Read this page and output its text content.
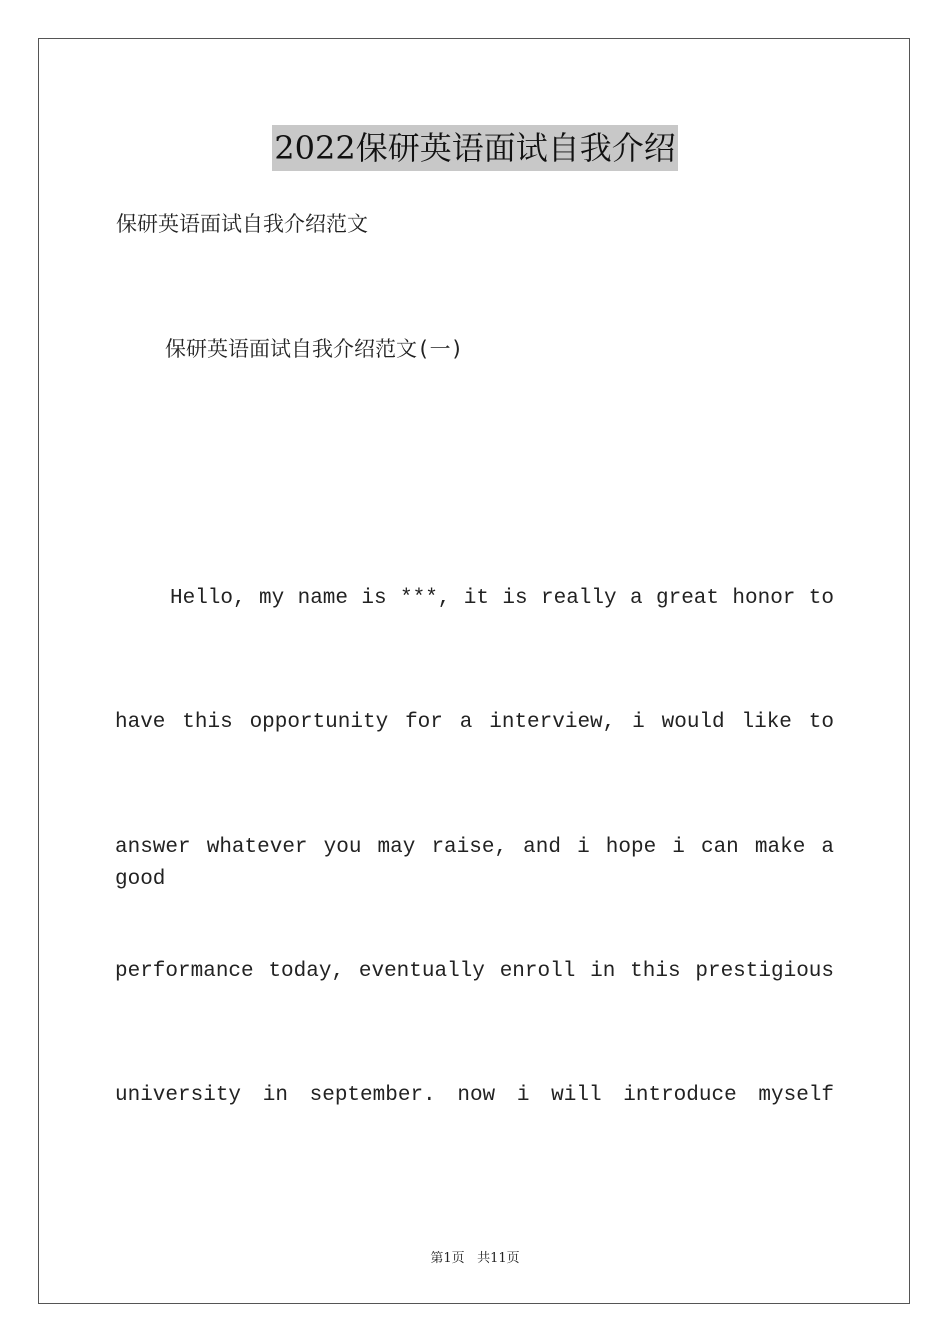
2022保研英语面试自我介绍
保研英语面试自我介绍范文
保研英语面试自我介绍范文(一)
Hello, my name is ***, it is really a great honor to
have this opportunity for a interview, i would like to
answer whatever you may raise, and i hope i can make a good
performance today, eventually enroll in this prestigious
university in september. now i will introduce myself
第1页 共11页
